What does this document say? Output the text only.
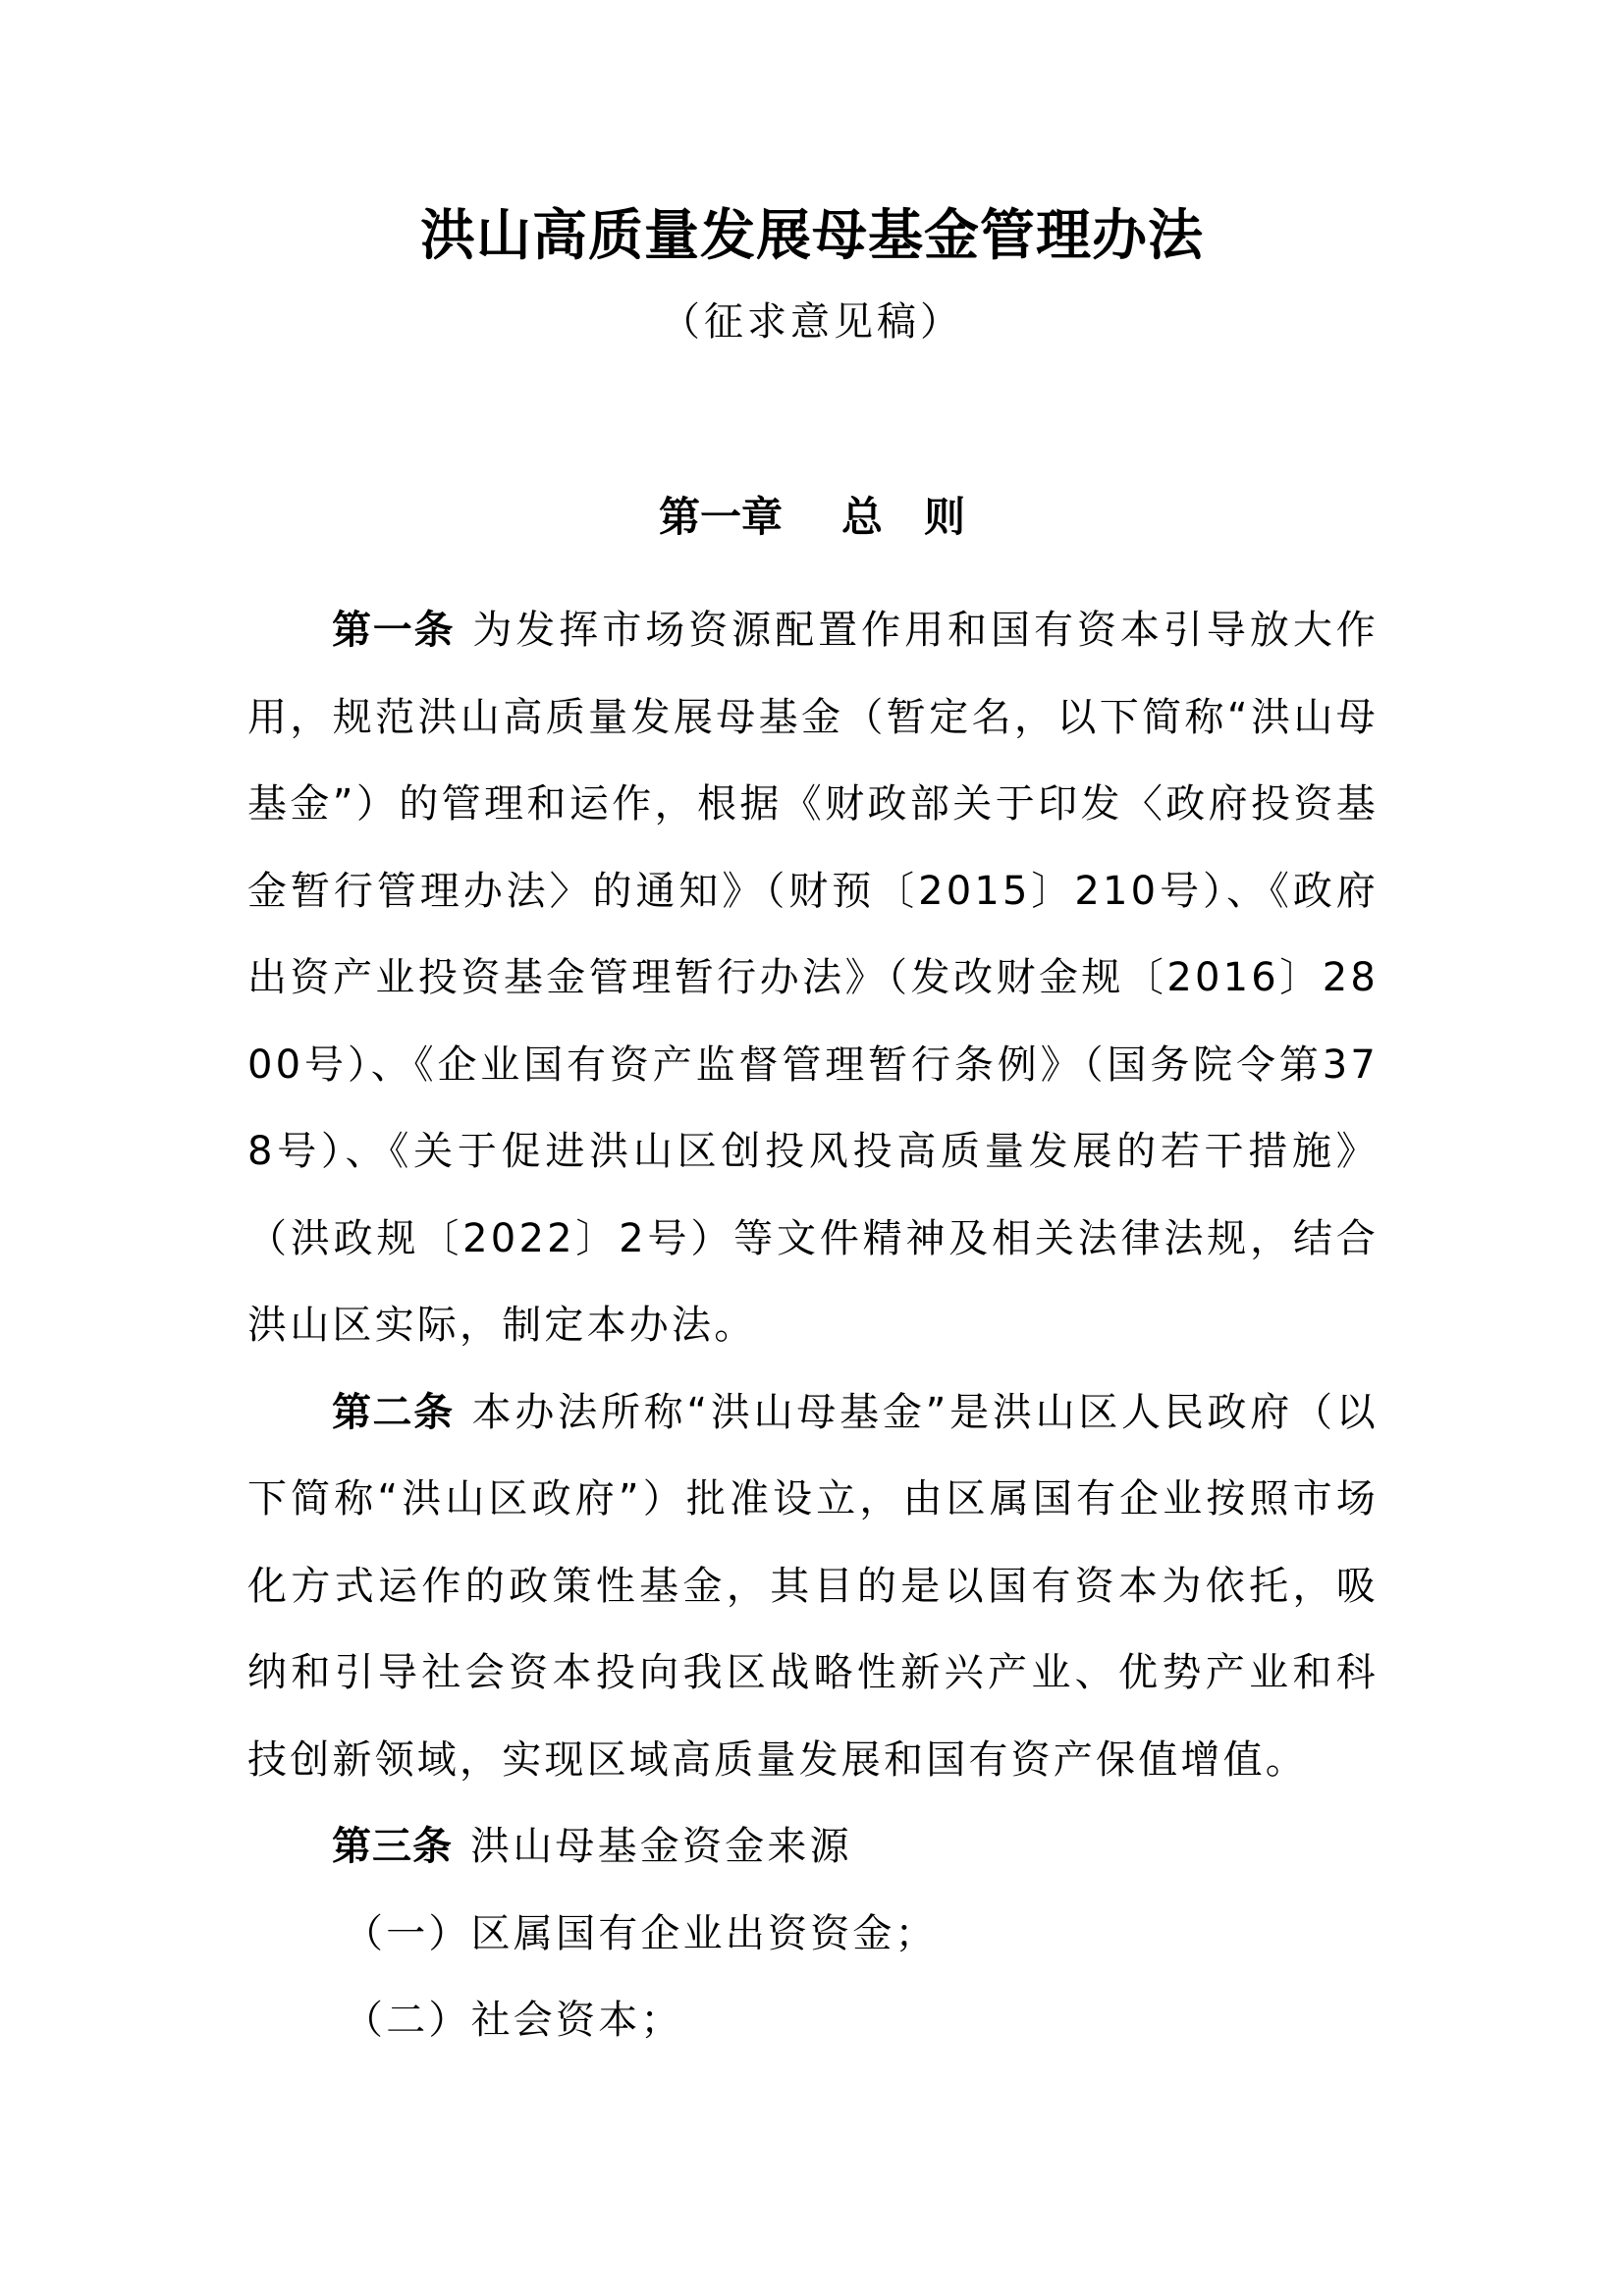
洪山高质量发展母基金管理办法
（征求意见稿）
第一章 总　则

第一条 为发挥市场资源配置作用和国有资本引导放大作用，规范洪山高质量发展母基金（暂定名，以下简称“洪山母基金”）的管理和运作，根据《财政部关于印发〈政府投资基金暂行管理办法〉的通知》（财预〔2015〕210号）、《政府出资产业投资基金管理暂行办法》（发改财金规〔2016〕2800号）、《企业国有资产监督管理暂行条例》（国务院令第378号）、《关于促进洪山区创投风投高质量发展的若干措施》（洪政规〔2022〕2号）等文件精神及相关法律法规，结合洪山区实际，制定本办法。

第二条 本办法所称“洪山母基金”是洪山区人民政府（以下简称“洪山区政府”）批准设立，由区属国有企业按照市场化方式运作的政策性基金，其目的是以国有资本为依托，吸纳和引导社会资本投向我区战略性新兴产业、优势产业和科技创新领域，实现区域高质量发展和国有资产保值增值。

第三条 洪山母基金资金来源

（一）区属国有企业出资资金；

（二）社会资本；
